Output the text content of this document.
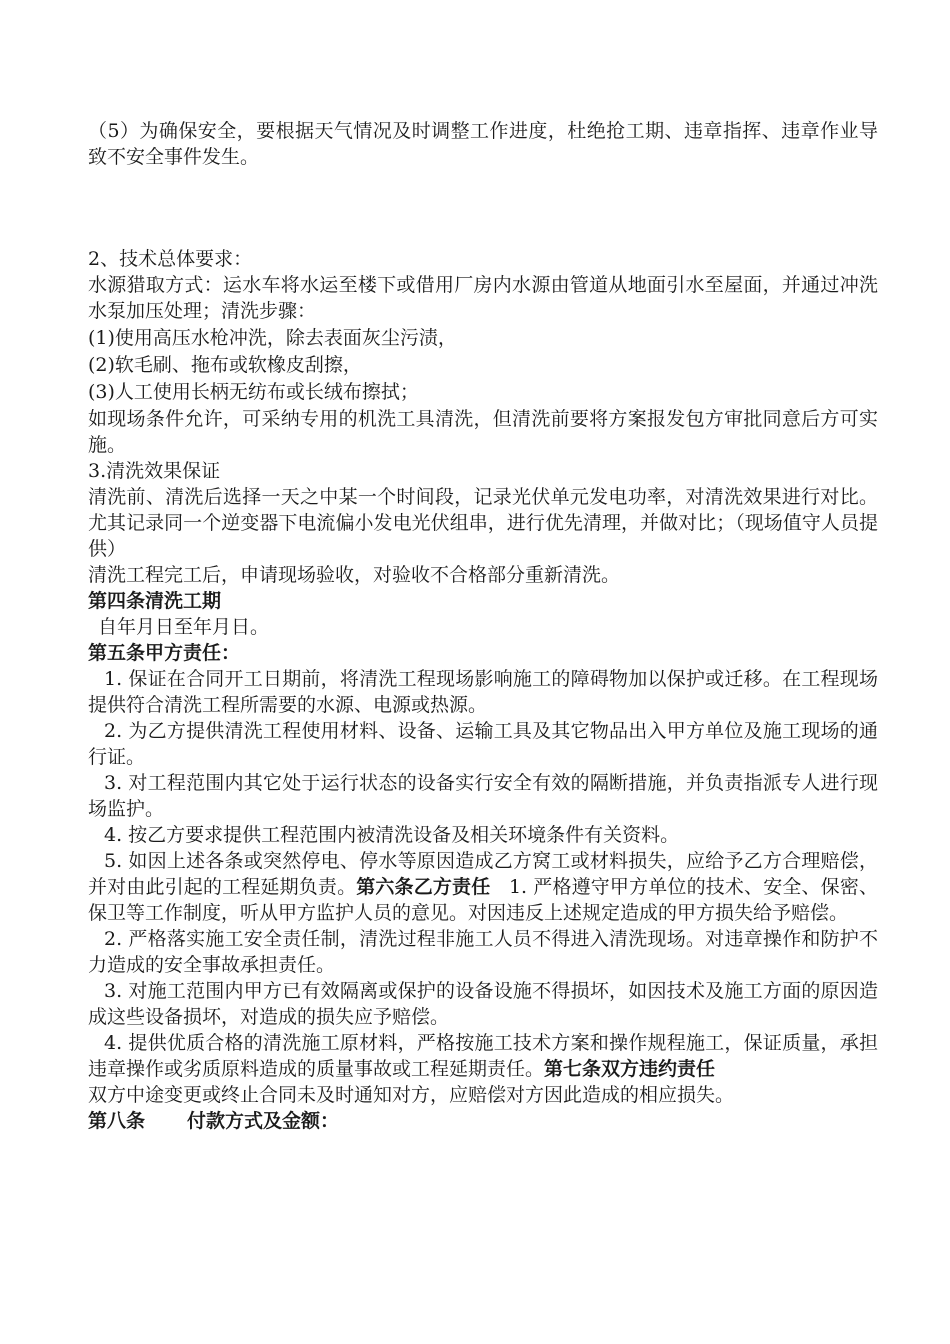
（5）为确保安全，要根据天气情况及时调整工作进度，杜绝抢工期、违章指挥、违章作业导致不安全事件发生。

2、技术总体要求：

水源猎取方式：运水车将水运至楼下或借用厂房内水源由管道从地面引水至屋面，并通过冲洗水泵加压处理；清洗步骤：

(1)使用高压水枪冲洗，除去表面灰尘污渍，

(2)软毛刷、拖布或软橡皮刮擦，

(3)人工使用长柄无纺布或长绒布擦拭；

如现场条件允许，可采纳专用的机洗工具清洗，但清洗前要将方案报发包方审批同意后方可实施。

3.清洗效果保证

清洗前、清洗后选择一天之中某一个时间段，记录光伏单元发电功率，对清洗效果进行对比。尤其记录同一个逆变器下电流偏小发电光伏组串，进行优先清理，并做对比；（现场值守人员提供）

清洗工程完工后，申请现场验收，对验收不合格部分重新清洗。

第四条清洗工期

自年月日至年月日。

第五条甲方责任：

1. 保证在合同开工日期前，将清洗工程现场影响施工的障碍物加以保护或迁移。在工程现场提供符合清洗工程所需要的水源、电源或热源。

2. 为乙方提供清洗工程使用材料、设备、运输工具及其它物品出入甲方单位及施工现场的通行证。

3. 对工程范围内其它处于运行状态的设备实行安全有效的隔断措施，并负责指派专人进行现场监护。

4. 按乙方要求提供工程范围内被清洗设备及相关环境条件有关资料。

5. 如因上述各条或突然停电、停水等原因造成乙方窝工或材料损失，应给予乙方合理赔偿，并对由此引起的工程延期负责。第六条乙方责任 1. 严格遵守甲方单位的技术、安全、保密、保卫等工作制度，听从甲方监护人员的意见。对因违反上述规定造成的甲方损失给予赔偿。

2. 严格落实施工安全责任制，清洗过程非施工人员不得进入清洗现场。对违章操作和防护不力造成的安全事故承担责任。

3. 对施工范围内甲方已有效隔离或保护的设备设施不得损坏，如因技术及施工方面的原因造成这些设备损坏，对造成的损失应予赔偿。

4. 提供优质合格的清洗施工原材料，严格按施工技术方案和操作规程施工，保证质量，承担违章操作或劣质原料造成的质量事故或工程延期责任。第七条双方违约责任

双方中途变更或终止合同未及时通知对方，应赔偿对方因此造成的相应损失。

第八条 付款方式及金额：
